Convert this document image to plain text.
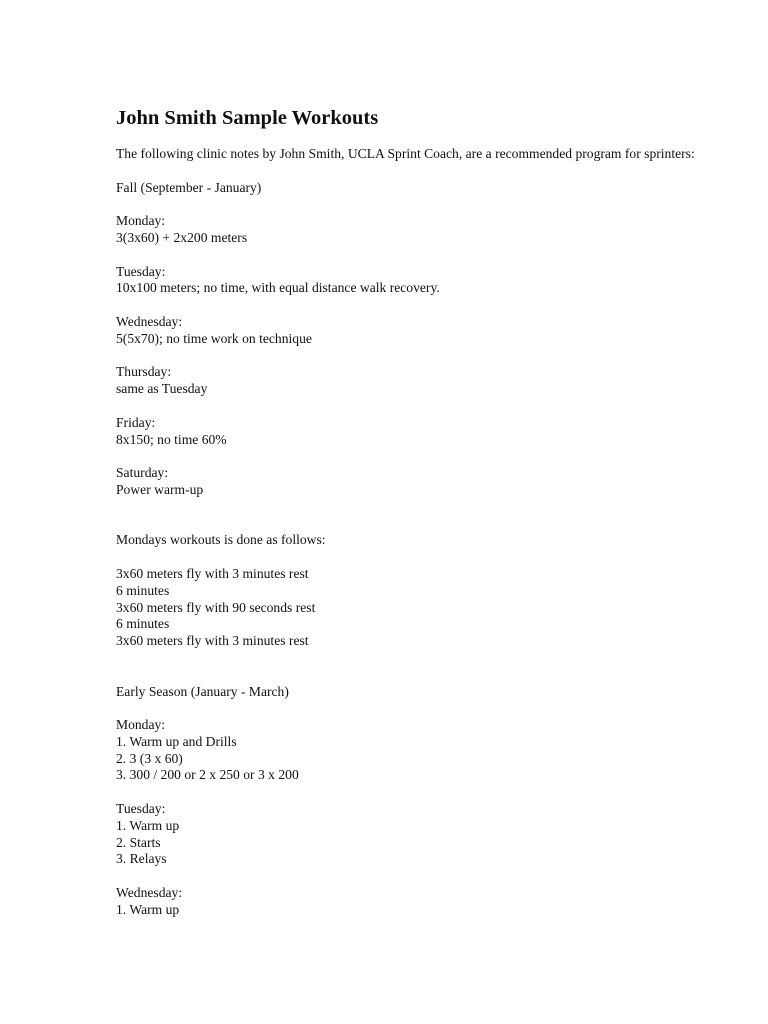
John Smith Sample Workouts

The following clinic notes by John Smith, UCLA Sprint Coach, are a recommended program for sprinters:

Fall (September - January)

Monday:
3(3x60) + 2x200 meters

Tuesday:
10x100 meters; no time, with equal distance walk recovery.

Wednesday:
5(5x70); no time work on technique

Thursday:
same as Tuesday

Friday:
8x150; no time 60%

Saturday:
Power warm-up

Mondays workouts is done as follows:

3x60 meters fly with 3 minutes rest
6 minutes
3x60 meters fly with 90 seconds rest
6 minutes
3x60 meters fly with 3 minutes rest

Early Season (January - March)

Monday:
1. Warm up and Drills
2. 3 (3 x 60)
3. 300 / 200 or 2 x 250 or 3 x 200

Tuesday:
1. Warm up
2. Starts
3. Relays

Wednesday:
1. Warm up
